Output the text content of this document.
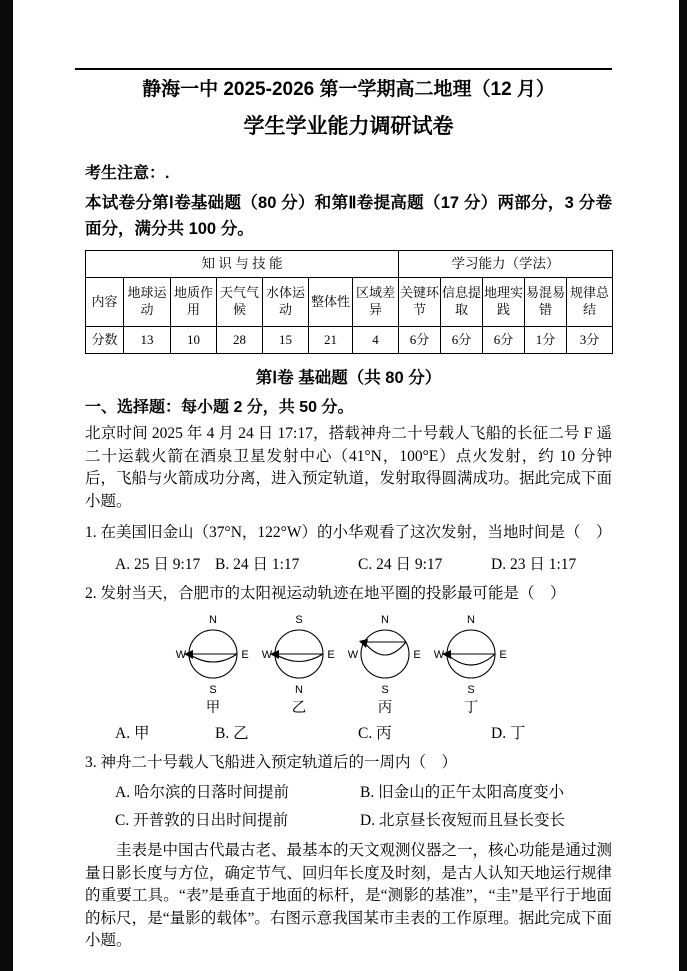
静海一中 2025-2026 第一学期高二地理（12 月）
学生学业能力调研试卷

考生注意：.

本试卷分第Ⅰ卷基础题（80 分）和第Ⅱ卷提高题（17 分）两部分，3 分卷面分，满分共 100 分。

知 识 与 技 能							学习能力（学法）				
内容	地球运动	地质作用	天气气候	水体运动	整体性	区域差异	关键环节	信息提取	地理实践	易混易错	规律总结
分数	13	10	28	15	21	4	6分	6分	6分	1分	3分

第Ⅰ卷 基础题（共 80 分）

一、选择题：每小题 2 分，共 50 分。

北京时间 2025 年 4 月 24 日 17:17，搭载神舟二十号载人飞船的长征二号 F 遥二十运载火箭在酒泉卫星发射中心（41°N，100°E）点火发射，约 10 分钟后，飞船与火箭成功分离，进入预定轨道，发射取得圆满成功。据此完成下面小题。

1. 在美国旧金山（37°N，122°W）的小华观看了这次发射，当地时间是（　）

A. 25 日 9:17 B. 24 日 1:17	C. 24 日 9:17	D. 23 日 1:17

2. 发射当天，合肥市的太阳视运动轨迹在地平圈的投影最可能是（　）

N
S
W	E
甲
S
N
W	E
乙
N
S
W	E
丙
N
S
W	E
丁
A. 甲	B. 乙	C. 丙	D. 丁

3. 神舟二十号载人飞船进入预定轨道后的一周内（　）

A. 哈尔滨的日落时间提前	B. 旧金山的正午太阳高度变小
C. 开普敦的日出时间提前	D. 北京昼长夜短而且昼长变长

圭表是中国古代最古老、最基本的天文观测仪器之一，核心功能是通过测量日影长度与方位，确定节气、回归年长度及时刻，是古人认知天地运行规律的重要工具。“表”是垂直于地面的标杆，是“测影的基准”，“圭”是平行于地面的标尺，是“量影的载体”。右图示意我国某市圭表的工作原理。据此完成下面小题。
